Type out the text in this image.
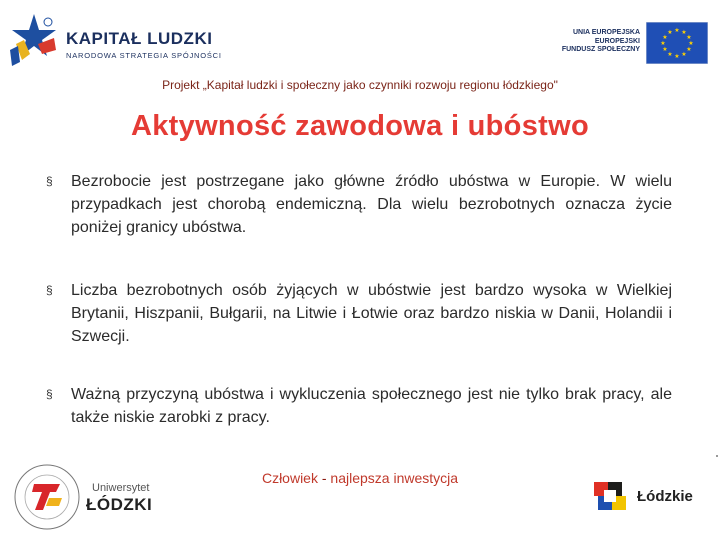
KAPITAŁ LUDZKI
NARODOWA STRATEGIA SPÓJNOŚCI
UNIA EUROPEJSKA
EUROPEJSKI
FUNDUSZ SPOŁECZNY
★ ★
★
★
★
★
★
★
★
★
★
★
Projekt „Kapitał ludzki i społeczny jako czynniki rozwoju regionu łódzkiego"
Aktywność zawodowa i ubóstwo
§ Bezrobocie jest postrzegane jako główne źródło ubóstwa w Europie. W wielu przypadkach jest chorobą endemiczną. Dla wielu bezrobotnych oznacza życie poniżej granicy ubóstwa.
§ Liczba bezrobotnych osób żyjących w ubóstwie jest bardzo wysoka w Wielkiej Brytanii, Hiszpanii, Bułgarii, na Litwie i Łotwie oraz bardzo niskia w Danii, Holandii i Szwecji.
§ Ważną przyczyną ubóstwa i wykluczenia społecznego jest nie tylko brak pracy, ale także niskie zarobki z pracy.
Uniwersytet
ŁÓDZKI
Człowiek - najlepsza inwestycja
Łódzkie
